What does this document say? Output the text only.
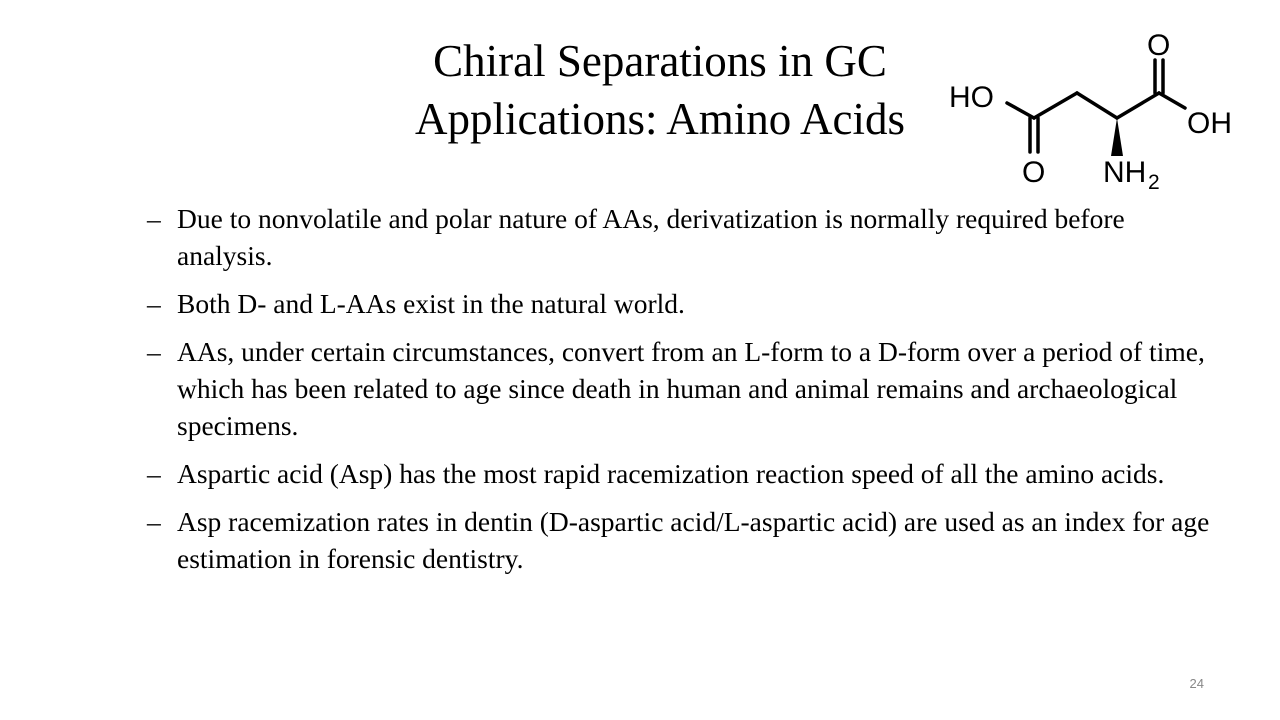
Chiral Separations in GC
Applications: Amino Acids	HO
OH
O
O NH 2
– Due to nonvolatile and polar nature of AAs, derivatization is normally required before analysis.
– Both D- and L-AAs exist in the natural world.
– AAs, under certain circumstances, convert from an L-form to a D-form over a period of time, which has been related to age since death in human and animal remains and archaeological specimens.
– Aspartic acid (Asp) has the most rapid racemization reaction speed of all the amino acids.
– Asp racemization rates in dentin (D-aspartic acid/L-aspartic acid) are used as an index for age estimation in forensic dentistry.
24
